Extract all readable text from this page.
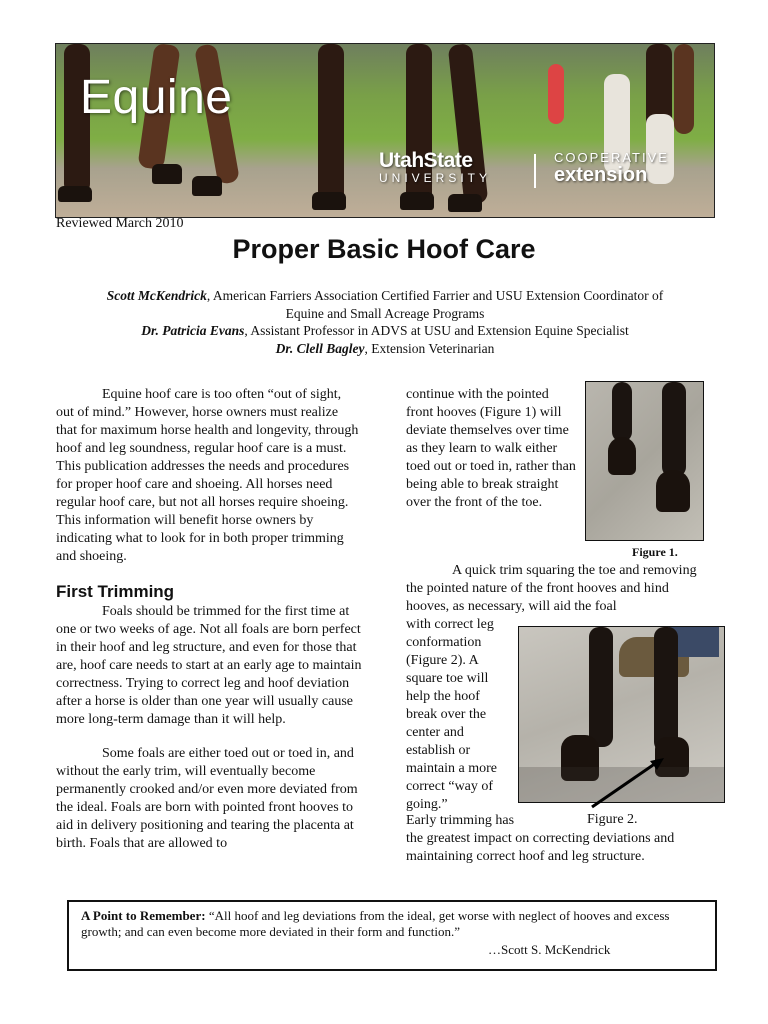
Equine
UtahState
UNIVERSITY
COOPERATIVE
extension
Reviewed March 2010
Proper Basic Hoof Care
Scott McKendrick, American Farriers Association Certified Farrier and USU Extension Coordinator of Equine and Small Acreage Programs
Dr. Patricia Evans, Assistant Professor in ADVS at USU and Extension Equine Specialist
Dr. Clell Bagley, Extension Veterinarian

Equine hoof care is too often “out of sight, out of mind.” However, horse owners must realize that for maximum horse health and longevity, through hoof and leg soundness, regular hoof care is a must. This publication addresses the needs and procedures for proper hoof care and shoeing. All horses need regular hoof care, but not all horses require shoeing. This information will benefit horse owners by indicating what to look for in both proper trimming and shoeing.

First Trimming

Foals should be trimmed for the first time at one or two weeks of age. Not all foals are born perfect in their hoof and leg structure, and even for those that are, hoof care needs to start at an early age to maintain correctness. Trying to correct leg and hoof deviation after a horse is older than one year will usually cause more long-term damage than it will help.

Some foals are either toed out or toed in, and without the early trim, will eventually become permanently crooked and/or even more deviated from the ideal. Foals are born with pointed front hooves to aid in delivery positioning and tearing the placenta at birth. Foals that are allowed to

continue with the pointed front hooves (Figure 1) will deviate themselves over time as they learn to walk either toed out or toed in, rather than being able to break straight over the front of the toe.

Figure 1.

A quick trim squaring the toe and removing the pointed nature of the front hooves and hind hooves, as necessary, will aid the foal

with correct leg conformation (Figure 2). A square toe will help the hoof break over the center and establish or maintain a more correct “way of going.”

Early trimming has	Figure 2.

the greatest impact on correcting deviations and maintaining correct hoof and leg structure.

A Point to Remember: “All hoof and leg deviations from the ideal, get worse with neglect of hooves and excess growth; and can even become more deviated in their form and function.”
…Scott S. McKendrick
